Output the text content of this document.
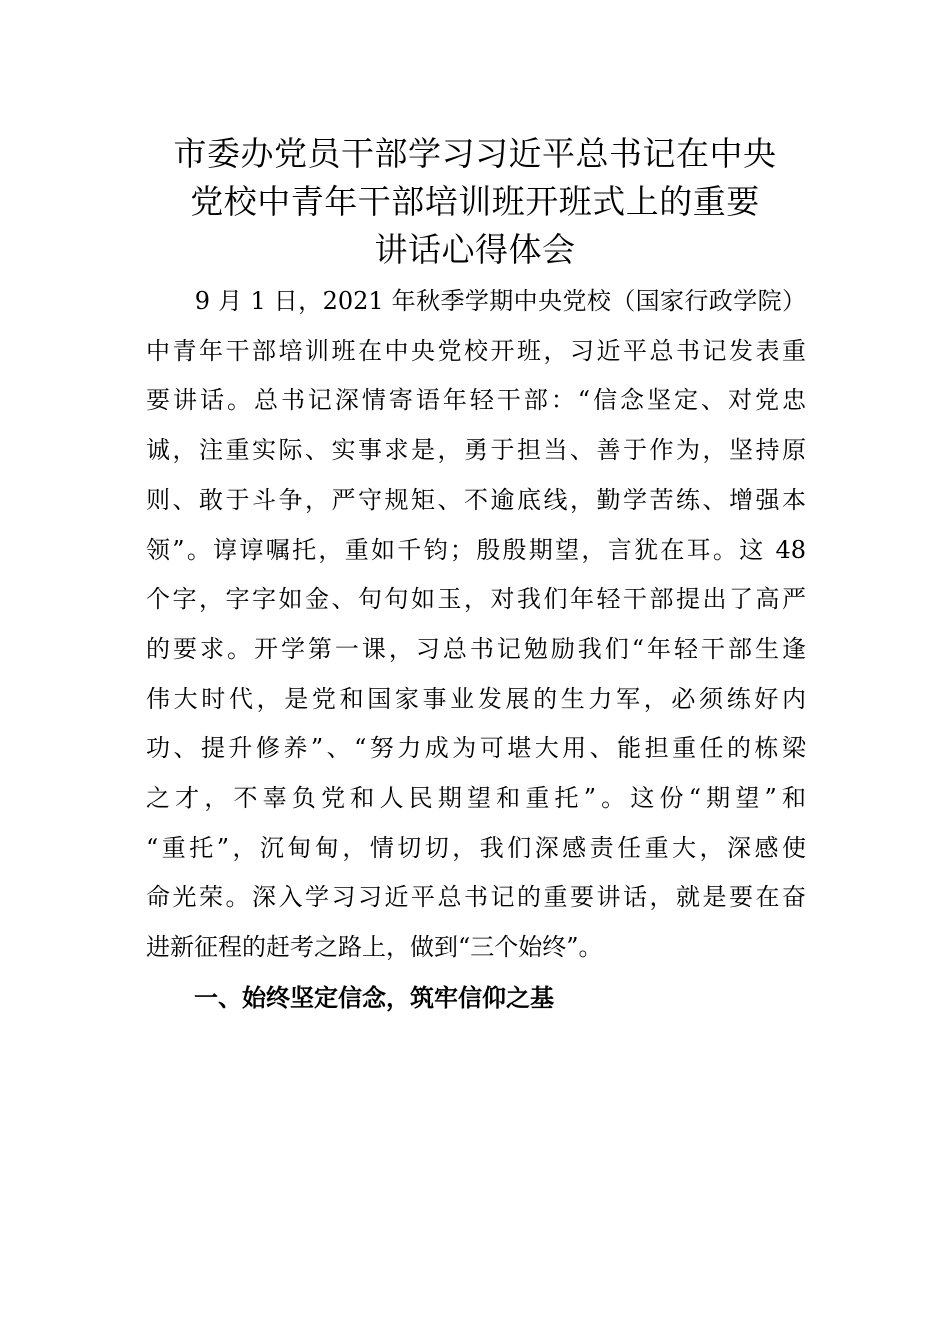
市委办党员干部学习习近平总书记在中央
党校中青年干部培训班开班式上的重要
讲话心得体会
　　9 月 1 日，2021 年秋季学期中央党校（国家行政学院）
中青年干部培训班在中央党校开班，习近平总书记发表重
要讲话。总书记深情寄语年轻干部：“信念坚定、对党忠
诚，注重实际、实事求是，勇于担当、善于作为，坚持原
则、敢于斗争，严守规矩、不逾底线，勤学苦练、增强本
领”。谆谆嘱托，重如千钧；殷殷期望，言犹在耳。这 48
个字，字字如金、句句如玉，对我们年轻干部提出了高严
的要求。开学第一课，习总书记勉励我们“年轻干部生逢
伟大时代，是党和国家事业发展的生力军，必须练好内
功、提升修养”、“努力成为可堪大用、能担重任的栋梁
之才，不辜负党和人民期望和重托”。这份“期望”和
“重托”，沉甸甸，情切切，我们深感责任重大，深感使
命光荣。深入学习习近平总书记的重要讲话，就是要在奋
进新征程的赶考之路上，做到“三个始终”。
一、始终坚定信念，筑牢信仰之基
